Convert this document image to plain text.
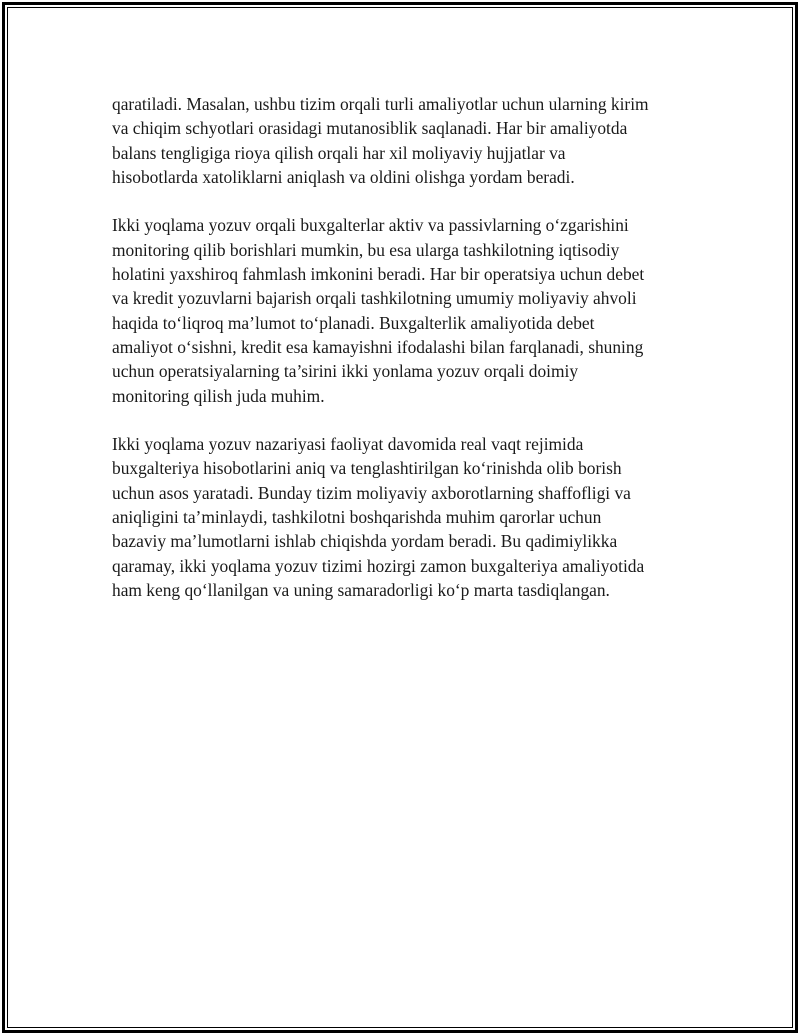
qaratiladi. Masalan, ushbu tizim orqali turli amaliyotlar uchun ularning kirim
va chiqim schyotlari orasidagi mutanosiblik saqlanadi. Har bir amaliyotda
balans tengligiga rioya qilish orqali har xil moliyaviy hujjatlar va
hisobotlarda xatoliklarni aniqlash va oldini olishga yordam beradi.

Ikki yoqlama yozuv orqali buxgalterlar aktiv va passivlarning o‘zgarishini
monitoring qilib borishlari mumkin, bu esa ularga tashkilotning iqtisodiy
holatini yaxshiroq fahmlash imkonini beradi. Har bir operatsiya uchun debet
va kredit yozuvlarni bajarish orqali tashkilotning umumiy moliyaviy ahvoli
haqida to‘liqroq ma’lumot to‘planadi. Buxgalterlik amaliyotida debet
amaliyot o‘sishni, kredit esa kamayishni ifodalashi bilan farqlanadi, shuning
uchun operatsiyalarning ta’sirini ikki yonlama yozuv orqali doimiy
monitoring qilish juda muhim.

Ikki yoqlama yozuv nazariyasi faoliyat davomida real vaqt rejimida
buxgalteriya hisobotlarini aniq va tenglashtirilgan ko‘rinishda olib borish
uchun asos yaratadi. Bunday tizim moliyaviy axborotlarning shaffofligi va
aniqligini ta’minlaydi, tashkilotni boshqarishda muhim qarorlar uchun
bazaviy ma’lumotlarni ishlab chiqishda yordam beradi. Bu qadimiylikka
qaramay, ikki yoqlama yozuv tizimi hozirgi zamon buxgalteriya amaliyotida
ham keng qo‘llanilgan va uning samaradorligi ko‘p marta tasdiqlangan.
